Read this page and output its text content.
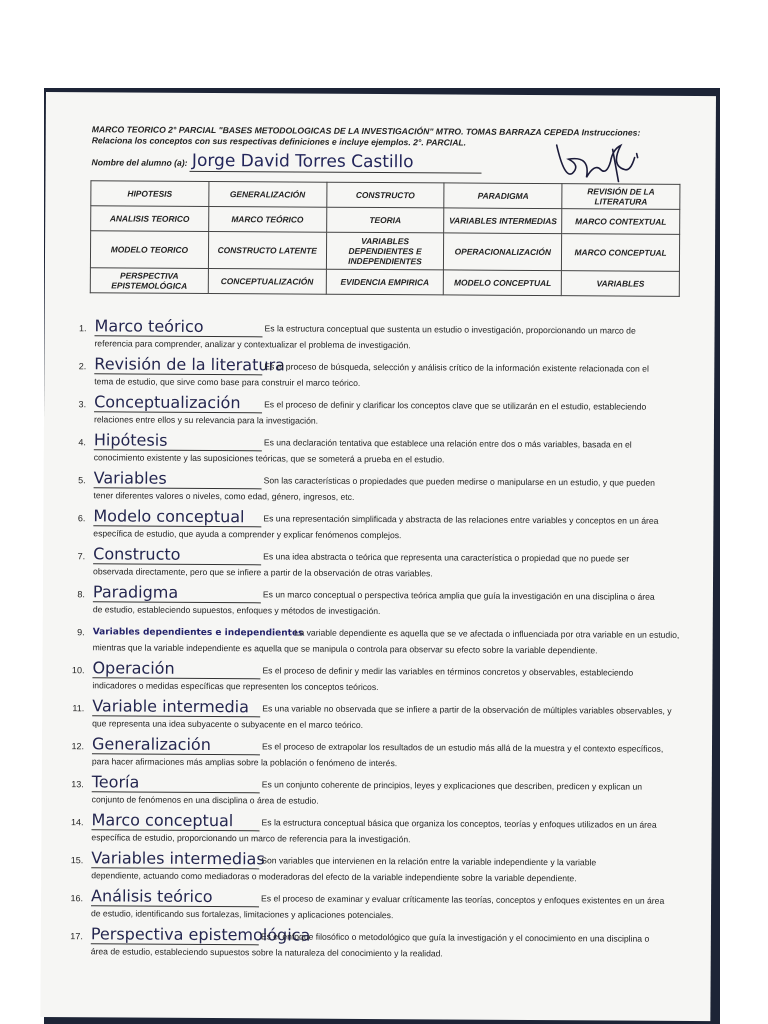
MARCO TEORICO 2° PARCIAL "BASES METODOLOGICAS DE LA INVESTIGACIÓN" MTRO. TOMAS BARRAZA CEPEDA Instrucciones:
Relaciona los conceptos con sus respectivas definiciones e incluye ejemplos. 2°. PARCIAL.
Nombre del alumno (a): Jorge David Torres Castillo
HIPOTESIS	GENERALIZACIÓN	CONSTRUCTO	PARADIGMA	REVISIÓN DE LA LITERATURA
ANALISIS TEORICO	MARCO TEÓRICO	TEORIA	VARIABLES INTERMEDIAS	MARCO CONTEXTUAL
MODELO TEORICO	CONSTRUCTO LATENTE	VARIABLES DEPENDIENTES E INDEPENDIENTES	OPERACIONALIZACIÓN	MARCO CONCEPTUAL
PERSPECTIVA EPISTEMOLÓGICA	CONCEPTUALIZACIÓN	EVIDENCIA EMPIRICA	MODELO CONCEPTUAL	VARIABLES
1. Marco teórico	Es la estructura conceptual que sustenta un estudio o investigación, proporcionando un marco de
referencia para comprender, analizar y contextualizar el problema de investigación.
2. Revisión de la literatura
Es el proceso de búsqueda, selección y análisis crítico de la información existente relacionada con el
tema de estudio, que sirve como base para construir el marco teórico.
3. Conceptualización	Es el proceso de definir y clarificar los conceptos clave que se utilizarán en el estudio, estableciendo
relaciones entre ellos y su relevancia para la investigación.
4. Hipótesis	Es una declaración tentativa que establece una relación entre dos o más variables, basada en el
conocimiento existente y las suposiciones teóricas, que se someterá a prueba en el estudio.
5. Variables	Son las características o propiedades que pueden medirse o manipularse en un estudio, y que pueden
tener diferentes valores o niveles, como edad, género, ingresos, etc.
6. Modelo conceptual	Es una representación simplificada y abstracta de las relaciones entre variables y conceptos en un área
específica de estudio, que ayuda a comprender y explicar fenómenos complejos.
7. Constructo	Es una idea abstracta o teórica que representa una característica o propiedad que no puede ser
observada directamente, pero que se infiere a partir de la observación de otras variables.
8. Paradigma	Es un marco conceptual o perspectiva teórica amplia que guía la investigación en una disciplina o área
de estudio, estableciendo supuestos, enfoques y métodos de investigación.
9. Variables dependientes e independientes
La variable dependiente es aquella que se ve afectada o influenciada por otra variable en un estudio,
mientras que la variable independiente es aquella que se manipula o controla para observar su efecto sobre la variable dependiente.
10. Operación	Es el proceso de definir y medir las variables en términos concretos y observables, estableciendo
indicadores o medidas específicas que representen los conceptos teóricos.
11. Variable intermedia	Es una variable no observada que se infiere a partir de la observación de múltiples variables observables, y
que representa una idea subyacente o subyacente en el marco teórico.
12. Generalización	Es el proceso de extrapolar los resultados de un estudio más allá de la muestra y el contexto específicos,
para hacer afirmaciones más amplias sobre la población o fenómeno de interés.
13. Teoría	Es un conjunto coherente de principios, leyes y explicaciones que describen, predicen y explican un
conjunto de fenómenos en una disciplina o área de estudio.
14. Marco conceptual	Es la estructura conceptual básica que organiza los conceptos, teorías y enfoques utilizados en un área
específica de estudio, proporcionando un marco de referencia para la investigación.
15. Variables intermedias
Son variables que intervienen en la relación entre la variable independiente y la variable
dependiente, actuando como mediadoras o moderadoras del efecto de la variable independiente sobre la variable dependiente.
16. Análisis teórico	Es el proceso de examinar y evaluar críticamente las teorías, conceptos y enfoques existentes en un área
de estudio, identificando sus fortalezas, limitaciones y aplicaciones potenciales.
17. Perspectiva epistemológica
Es el enfoque filosófico o metodológico que guía la investigación y el conocimiento en una disciplina o
área de estudio, estableciendo supuestos sobre la naturaleza del conocimiento y la realidad.
